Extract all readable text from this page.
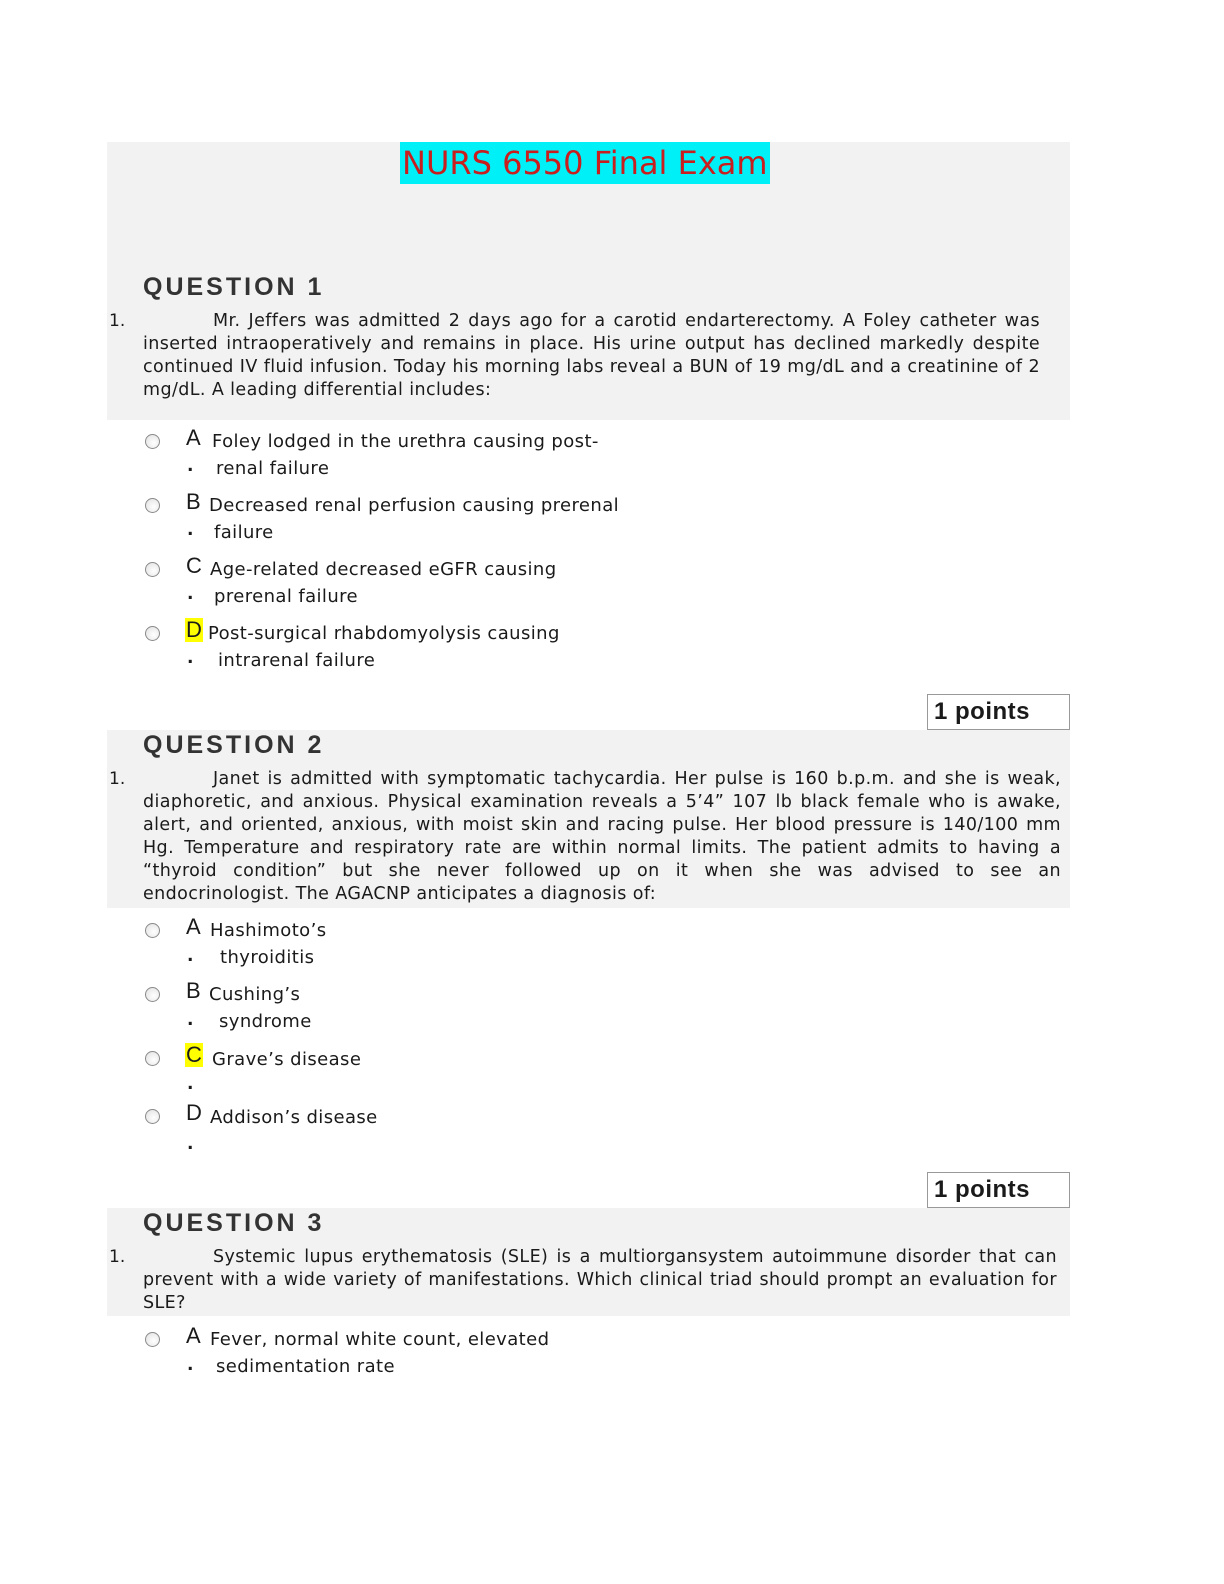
NURS 6550 Final Exam
QUESTION 1
1.	Mr. Jeffers was admitted 2 days ago for a carotid endarterectomy. A Foley catheter was inserted intraoperatively and remains in place. His urine output has declined markedly despite continued IV fluid infusion. Today his morning labs reveal a BUN of 19 mg/dL and a creatinine of 2 mg/dL. A leading differential includes:
A
.
Foley lodged in the urethra causing post-
renal failure
B
.
Decreased renal perfusion causing prerenal
failure
C
.
Age-related decreased eGFR causing
prerenal failure
D
.
Post-surgical rhabdomyolysis causing
intrarenal failure
1 points
QUESTION 2
1.	Janet is admitted with symptomatic tachycardia. Her pulse is 160 b.p.m. and she is weak, diaphoretic, and anxious. Physical examination reveals a 5’4” 107 lb black female who is awake, alert, and oriented, anxious, with moist skin and racing pulse. Her blood pressure is 140/100 mm Hg. Temperature and respiratory rate are within normal limits. The patient admits to having a “thyroid condition” but she never followed up on it when she was advised to see an endocrinologist. The AGACNP anticipates a diagnosis of:
A
.
Hashimoto’s
thyroiditis
B
.
Cushing’s
syndrome
C
.
Grave’s disease
D
.
Addison’s disease
1 points
QUESTION 3
1.	Systemic lupus erythematosis (SLE) is a multiorgansystem autoimmune disorder that can prevent with a wide variety of manifestations. Which clinical triad should prompt an evaluation for SLE?
A
.
Fever, normal white count, elevated
sedimentation rate
